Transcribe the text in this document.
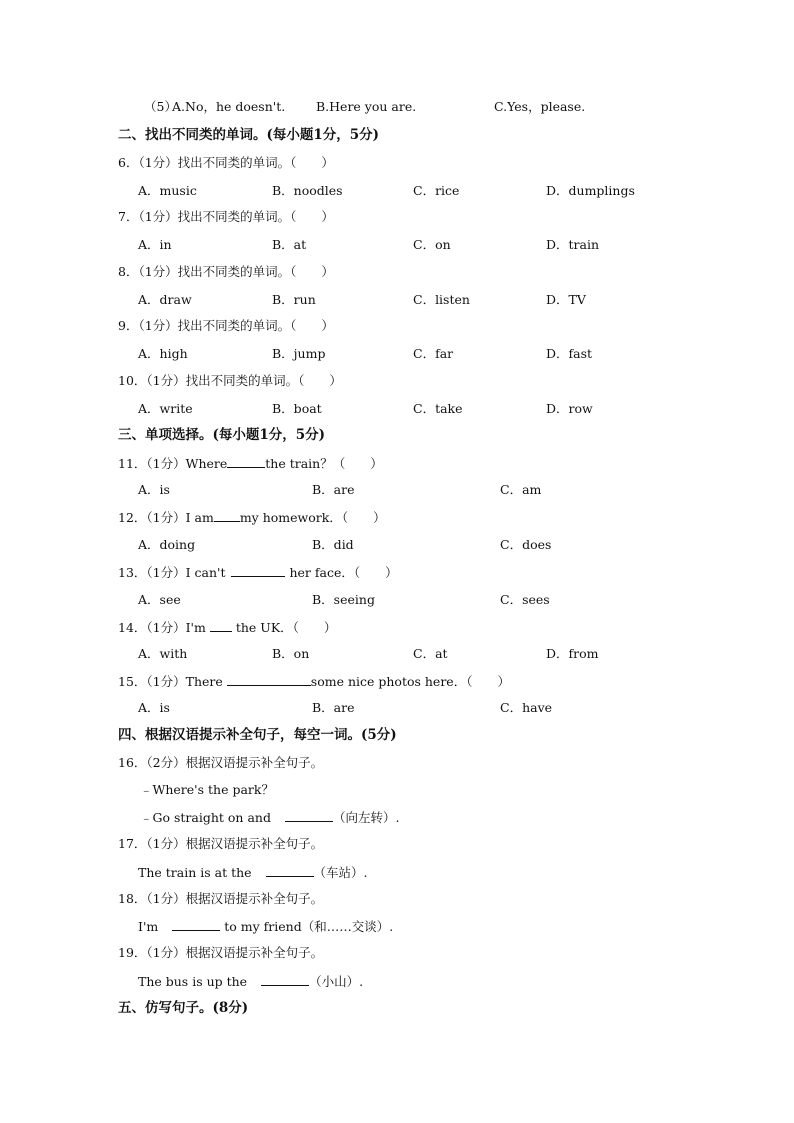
（5）
A.No，he doesn't. B.Here you are.	C.Yes，please.
二、找出不同类的单词。(每小题1分，5分)
6．（1分）找出不同类的单词。（　　）
A．music	B．noodles	C．rice	D．dumplings
7．（1分）找出不同类的单词。（　　）
A．in	B．at	C．on	D．train
8．（1分）找出不同类的单词。（　　）
A．draw	B．run	C．listen	D．TV
9．（1分）找出不同类的单词。（　　）
A．high	B．jump	C．far	D．fast
10．（1分）找出不同类的单词。（　　）
A．write	B．boat	C．take	D．row
三、单项选择。(每小题1分，5分)
11．（1分）Where	the train？（　　）
A．is	B．are	C．am
12．（1分）I am my homework．（　　）
A．doing	B．did	C．does
13．（1分）I can't	her face．（　　）
A．see	B．seeing	C．sees
14．（1分）I'm the UK．（　　）
A．with	B．on	C．at	D．from
15．（1分）There	some nice photos here．（　　）
A．is	B．are	C．have
四、根据汉语提示补全句子，每空一词。(5分)
16．（2分）根据汉语提示补全句子。
﹣Where's the park？
﹣Go straight on and	（向左转）.
17．（1分）根据汉语提示补全句子。
The train is at the	（车站）.
18．（1分）根据汉语提示补全句子。
I'm	to my friend（和……交谈）.
19．（1分）根据汉语提示补全句子。
The bus is up the	（小山）.
五、仿写句子。(8分)
